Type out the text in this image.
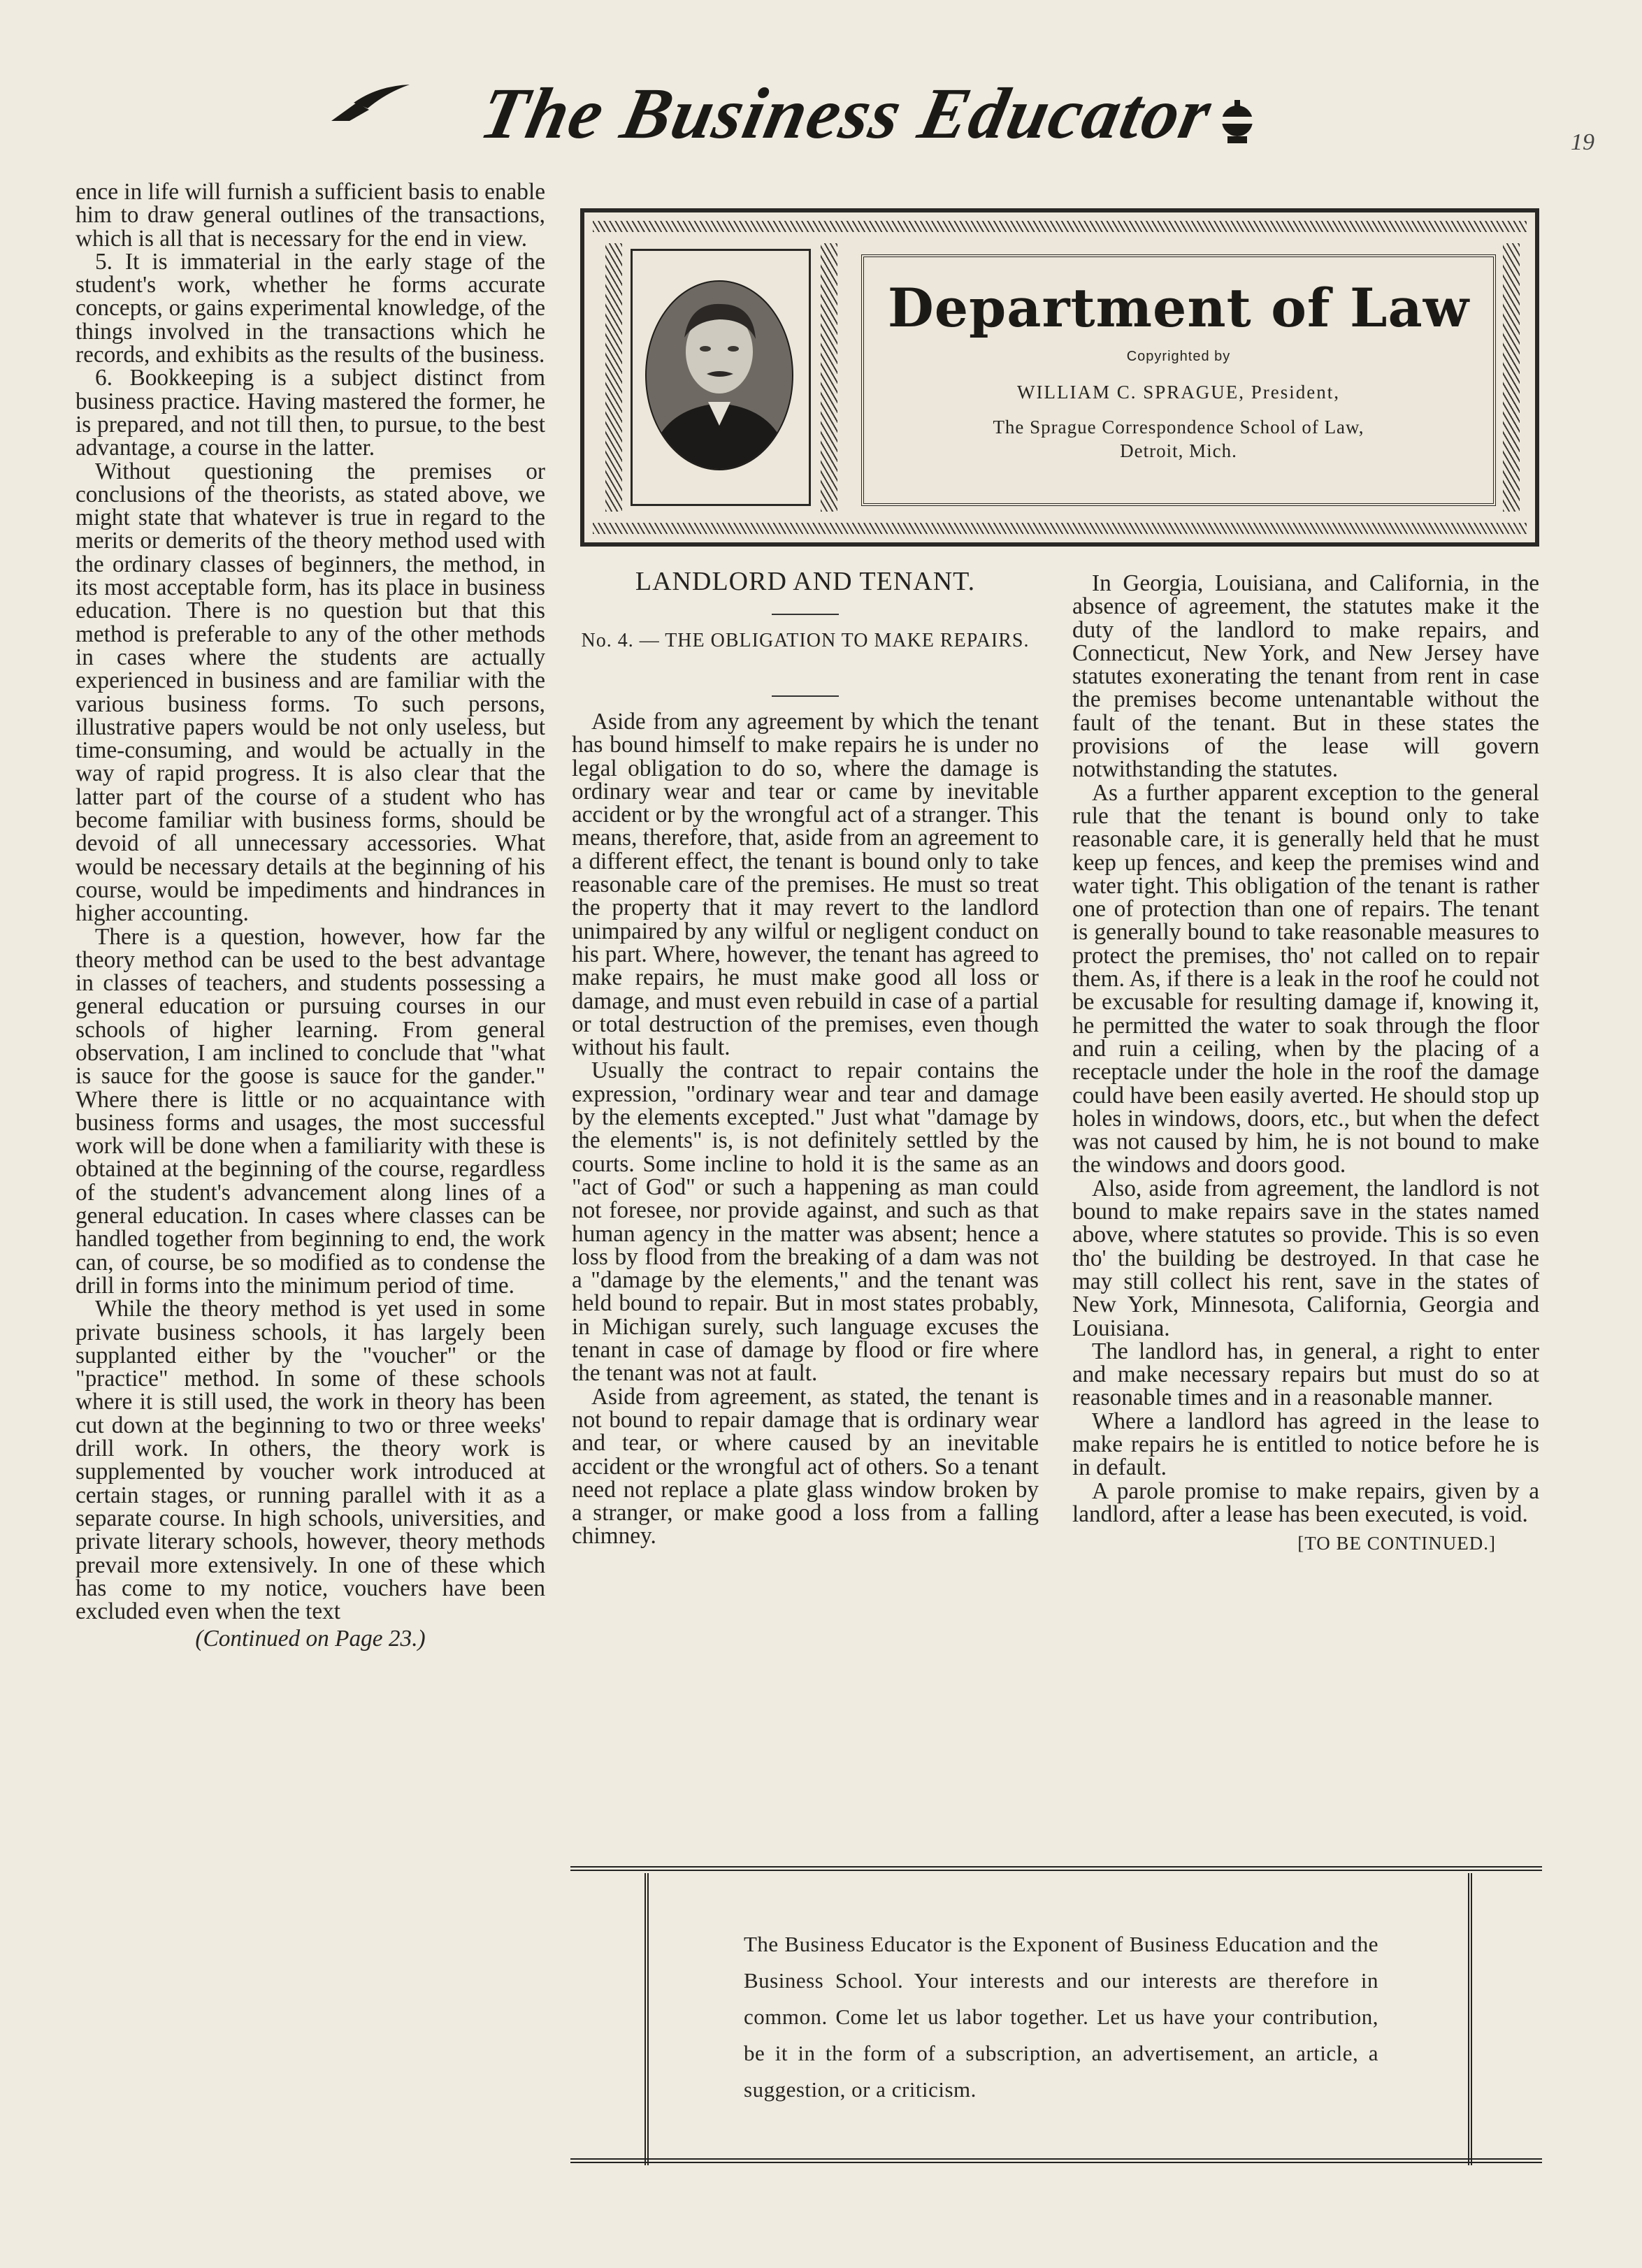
The Business Educator	19

ence in life will furnish a sufficient basis to enable him to draw general outlines of the transactions, which is all that is necessary for the end in view.

5. It is immaterial in the early stage of the student's work, whether he forms accurate concepts, or gains experimental knowledge, of the things involved in the transactions which he records, and exhibits as the results of the business.

6. Bookkeeping is a subject distinct from business practice. Having mastered the former, he is prepared, and not till then, to pursue, to the best advantage, a course in the latter.

Without questioning the premises or conclusions of the theorists, as stated above, we might state that whatever is true in regard to the merits or demerits of the theory method used with the ordinary classes of beginners, the method, in its most acceptable form, has its place in business education. There is no question but that this method is preferable to any of the other methods in cases where the students are actually experienced in business and are familiar with the various business forms. To such persons, illustrative papers would be not only useless, but time-consuming, and would be actually in the way of rapid progress. It is also clear that the latter part of the course of a student who has become familiar with business forms, should be devoid of all unnecessary accessories. What would be necessary details at the beginning of his course, would be impediments and hindrances in higher accounting.

There is a question, however, how far the theory method can be used to the best advantage in classes of teachers, and students possessing a general education or pursuing courses in our schools of higher learning. From general observation, I am inclined to conclude that "what is sauce for the goose is sauce for the gander." Where there is little or no acquaintance with business forms and usages, the most successful work will be done when a familiarity with these is obtained at the beginning of the course, regardless of the student's advancement along lines of a general education. In cases where classes can be handled together from beginning to end, the work can, of course, be so modified as to condense the drill in forms into the minimum period of time.

While the theory method is yet used in some private business schools, it has largely been supplanted either by the "voucher" or the "practice" method. In some of these schools where it is still used, the work in theory has been cut down at the beginning to two or three weeks' drill work. In others, the theory work is supplemented by voucher work introduced at certain stages, or running parallel with it as a separate course. In high schools, universities, and private literary schools, however, theory methods prevail more extensively. In one of these which has come to my notice, vouchers have been excluded even when the text

(Continued on Page 23.)

Department of Law
Copyrighted by
WILLIAM C. SPRAGUE, President,
The Sprague Correspondence School of Law,
Detroit, Mich.
LANDLORD AND TENANT.
No. 4. — THE OBLIGATION TO MAKE REPAIRS.

Aside from any agreement by which the tenant has bound himself to make repairs he is under no legal obligation to do so, where the damage is ordinary wear and tear or came by inevitable accident or by the wrongful act of a stranger. This means, therefore, that, aside from an agreement to a different effect, the tenant is bound only to take reasonable care of the premises. He must so treat the property that it may revert to the landlord unimpaired by any wilful or negligent conduct on his part. Where, however, the tenant has agreed to make repairs, he must make good all loss or damage, and must even rebuild in case of a partial or total destruction of the premises, even though without his fault.

Usually the contract to repair contains the expression, "ordinary wear and tear and damage by the elements excepted." Just what "damage by the elements" is, is not definitely settled by the courts. Some incline to hold it is the same as an "act of God" or such a happening as man could not foresee, nor provide against, and such as that human agency in the matter was absent; hence a loss by flood from the breaking of a dam was not a "damage by the elements," and the tenant was held bound to repair. But in most states probably, in Michigan surely, such language excuses the tenant in case of damage by flood or fire where the tenant was not at fault.

Aside from agreement, as stated, the tenant is not bound to repair damage that is ordinary wear and tear, or where caused by an inevitable accident or the wrongful act of others. So a tenant need not replace a plate glass window broken by a stranger, or make good a loss from a falling chimney.

In Georgia, Louisiana, and California, in the absence of agreement, the statutes make it the duty of the landlord to make repairs, and Connecticut, New York, and New Jersey have statutes exonerating the tenant from rent in case the premises become untenantable without the fault of the tenant. But in these states the provisions of the lease will govern notwithstanding the statutes.

As a further apparent exception to the general rule that the tenant is bound only to take reasonable care, it is generally held that he must keep up fences, and keep the premises wind and water tight. This obligation of the tenant is rather one of protection than one of repairs. The tenant is generally bound to take reasonable measures to protect the premises, tho' not called on to repair them. As, if there is a leak in the roof he could not be excusable for resulting damage if, knowing it, he permitted the water to soak through the floor and ruin a ceiling, when by the placing of a receptacle under the hole in the roof the damage could have been easily averted. He should stop up holes in windows, doors, etc., but when the defect was not caused by him, he is not bound to make the windows and doors good.

Also, aside from agreement, the landlord is not bound to make repairs save in the states named above, where statutes so provide. This is so even tho' the building be destroyed. In that case he may still collect his rent, save in the states of New York, Minnesota, California, Georgia and Louisiana.

The landlord has, in general, a right to enter and make necessary repairs but must do so at reasonable times and in a reasonable manner.

Where a landlord has agreed in the lease to make repairs he is entitled to notice before he is in default.

A parole promise to make repairs, given by a landlord, after a lease has been executed, is void.

[TO BE CONTINUED.]

The Business Educator is the Exponent of Business Education and the Business School. Your interests and our interests are therefore in common. Come let us labor together. Let us have your contribution, be it in the form of a subscription, an advertisement, an article, a suggestion, or a criticism.
